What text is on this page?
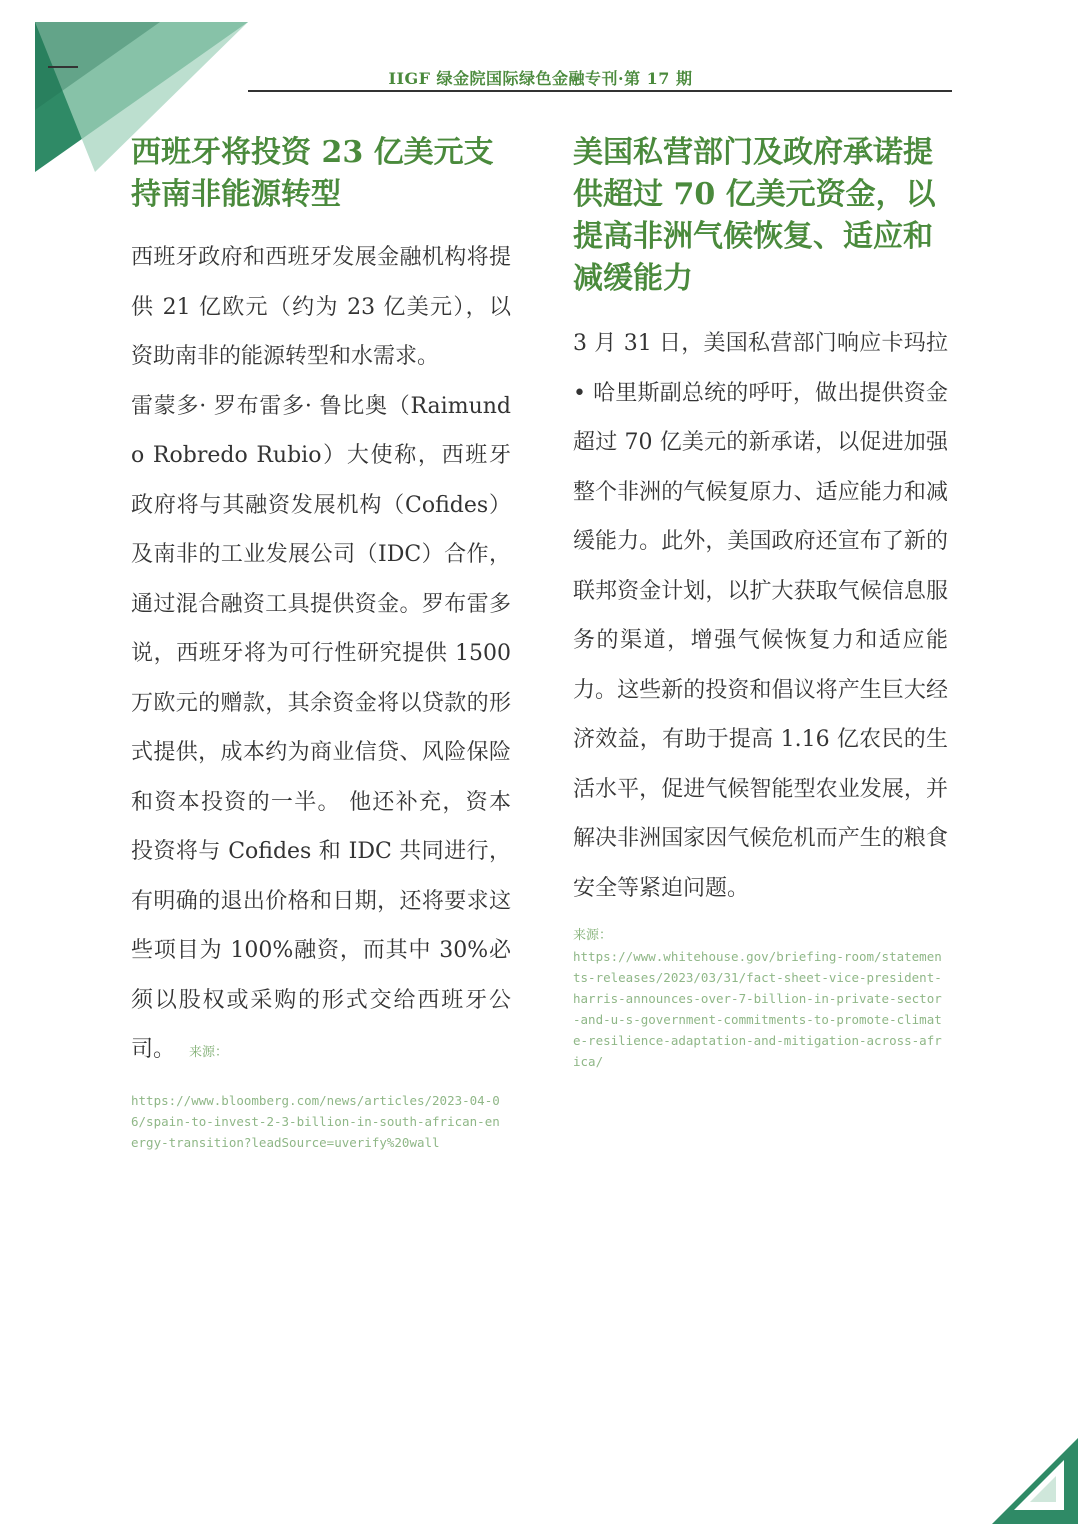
IIGF 绿金院国际绿色金融专刊·第 17 期
西班牙将投资 23 亿美元支持南非能源转型

西班牙政府和西班牙发展金融机构将提供 21 亿欧元（约为 23 亿美元），以资助南非的能源转型和水需求。

雷蒙多· 罗布雷多· 鲁比奥（Raimundo Robredo Rubio）大使称，西班牙政府将与其融资发展机构（Cofides）及南非的工业发展公司（IDC）合作，通过混合融资工具提供资金。罗布雷多说，西班牙将为可行性研究提供 1500 万欧元的赠款，其余资金将以贷款的形式提供，成本约为商业信贷、风险保险和资本投资的一半。 他还补充，资本投资将与 Cofides 和 IDC 共同进行，有明确的退出价格和日期，还将要求这些项目为 100%融资，而其中 30%必须以股权或采购的形式交给西班牙公司。 来源：

https://www.bloomberg.com/news/articles/2023-04-06/spain-to-invest-2-3-billion-in-south-african-energy-transition?leadSource=uverify%20wall

美国私营部门及政府承诺提供超过 70 亿美元资金，以提高非洲气候恢复、适应和减缓能力

3 月 31 日，美国私营部门响应卡玛拉 • 哈里斯副总统的呼吁，做出提供资金超过 70 亿美元的新承诺，以促进加强整个非洲的气候复原力、适应能力和减缓能力。此外，美国政府还宣布了新的联邦资金计划，以扩大获取气候信息服务的渠道，增强气候恢复力和适应能力。这些新的投资和倡议将产生巨大经济效益，有助于提高 1.16 亿农民的生活水平，促进气候智能型农业发展，并解决非洲国家因气候危机而产生的粮食安全等紧迫问题。

来源：

https://www.whitehouse.gov/briefing-room/statements-releases/2023/03/31/fact-sheet-vice-president-harris-announces-over-7-billion-in-private-sector-and-u-s-government-commitments-to-promote-climate-resilience-adaptation-and-mitigation-across-africa/
